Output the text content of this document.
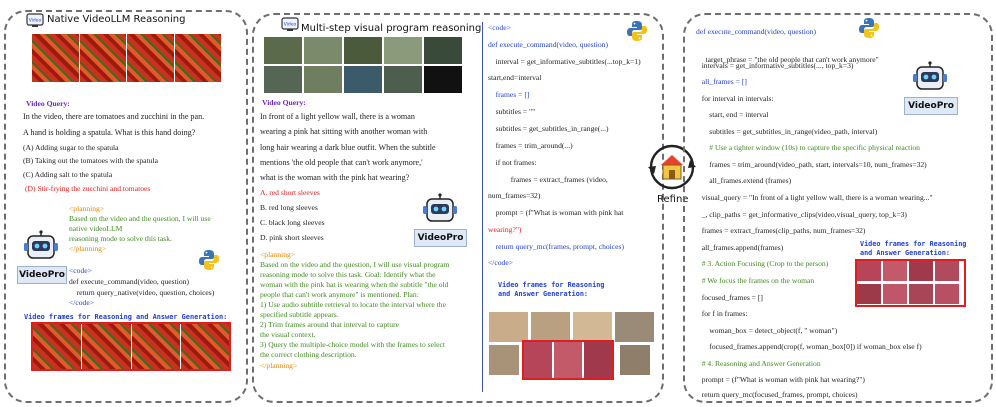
Video Native VideoLLM Reasoning
Video Query:
In the video, there are tomatoes and zucchini in the pan.
A hand is holding a spatula. What is this hand doing?
(A) Adding sugar to the spatula
(B) Taking out the tomatoes with the spatula
(C) Adding salt to the spatula
(D) Stir-frying the zucchini and tomatoes
<planning>
Based on the video and the question, I will use
native videoLLM
reasoning mode to solve this task.
</planning>
VideoPro <code>
def execute_command(video, question)
return query_native(video, question, choices)
</code>
Video frames for Reasoning and Answer Generation:
Video Multi-step visual program reasoning
Video Query:
In front of a light yellow wall, there is a woman
wearing a pink hat sitting with another woman with
long hair wearing a dark blue outfit. When the subtitle
mentions 'the old people that can't work anymore,'
what is the woman with the pink hat wearing?
A. red short sleeves
B. red long sleeves
C. black long sleeves
D. pink short sleeves	VideoPro
<planning>
Based on the video and the question, I will use visual program
reasoning mode to solve this task. Goal: Identify what the
woman with the pink hat is wearing when the subtitle "the old
people that can't work anymore" is mentioned. Plan:
1) Use audio subtitle retrieval to locate the interval where the
specified subtitle appears.
2) Trim frames around that interval to capture
the visual context.
3) Query the multiple-choice model with the frames to select
the correct clothing description.
</planning>
<code>
def execute_command(video, question)
interval = get_informative_subtitles(...top_k=1)
start,end=interval
frames = []
subtitles = ""
subtitles = get_subtitles_in_range(...)
frames = trim_around(...)
if not frames:
frames = extract_frames (video,
num_frames=32)
prompt = (f"What is woman with pink hat
wearing?")
return query_mc(frames, prompt, choices)
</code>
Video frames for Reasoning
and Answer Generation:
Refine
def execute_command(video, question)

target_phrase = "the old people that can't work anymore"

intervals = get_informative_subtitles(..., top_k=3)
all_frames = []
for interval in intervals:
start, end = interval
subtitles = get_subtitles_in_range(video_path, interval)
# Use a tighter window (10s) to capture the specific physical reaction
frames = trim_around(video_path, start, intervals=10, num_frames=32)
all_frames.extend (frames)
visual_query = "In front of a light yellow wall, there is a woman wearing..."
_, clip_paths = get_informative_clips(video,visual_query, top_k=3)
frames = extract_frames(clip_paths, num_frames=32)
all_frames.append(frames)
# 3. Action Focusing (Crop to the person)
# We focus the frames on the woman
focused_frames = []
for f in frames:
woman_box = detect_object(f, " woman")
focused_frames.append(crop(f, woman_box[0]) if woman_box else f)
# 4. Reasoning and Answer Generation
prompt = (f"What is woman with pink hat wearing?")
VideoPro
Video frames for Reasoning
and Answer Generation:
return query_mc(focused_frames, prompt, choices)
